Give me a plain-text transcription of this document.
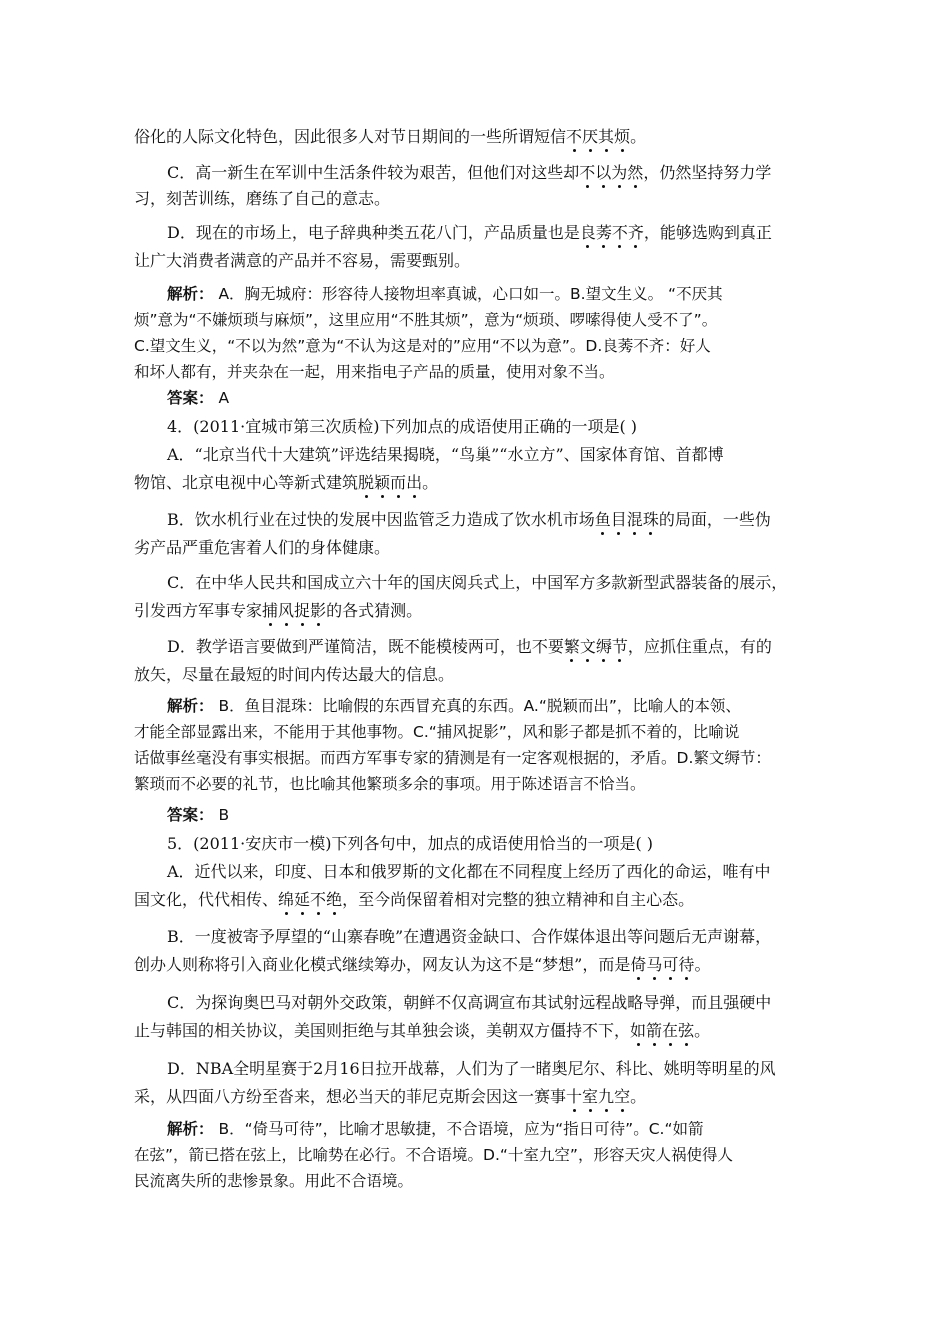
俗化的人际文化特色，因此很多人对节日期间的一些所谓短信不厌其烦。
C．高一新生在军训中生活条件较为艰苦，但他们对这些却不以为然，仍然坚持努力学
习，刻苦训练，磨练了自己的意志。
D．现在的市场上，电子辞典种类五花八门，产品质量也是良莠不齐，能够选购到真正
让广大消费者满意的产品并不容易，需要甄别。
解析： A．胸无城府：形容待人接物坦率真诚，心口如一。B.望文生义。 “不厌其
烦”意为“不嫌烦琐与麻烦”，这里应用“不胜其烦”，意为“烦琐、啰嗦得使人受不了”。
C.望文生义，“不以为然”意为“不认为这是对的”应用“不以为意”。D.良莠不齐：好人
和坏人都有，并夹杂在一起，用来指电子产品的质量，使用对象不当。
答案： A
4．(2011·宜城市第三次质检)下列加点的成语使用正确的一项是( )
A．“北京当代十大建筑”评选结果揭晓，“鸟巢”“水立方”、国家体育馆、首都博
物馆、北京电视中心等新式建筑脱颖而出。
B．饮水机行业在过快的发展中因监管乏力造成了饮水机市场鱼目混珠的局面，一些伪
劣产品严重危害着人们的身体健康。
C．在中华人民共和国成立六十年的国庆阅兵式上，中国军方多款新型武器装备的展示，
引发西方军事专家捕风捉影的各式猜测。
D．教学语言要做到严谨简洁，既不能模棱两可，也不要繁文缛节，应抓住重点，有的
放矢，尽量在最短的时间内传达最大的信息。
解析： B．鱼目混珠：比喻假的东西冒充真的东西。A.“脱颖而出”，比喻人的本领、
才能全部显露出来，不能用于其他事物。C.“捕风捉影”，风和影子都是抓不着的，比喻说
话做事丝毫没有事实根据。而西方军事专家的猜测是有一定客观根据的，矛盾。D.繁文缛节：
繁琐而不必要的礼节，也比喻其他繁琐多余的事项。用于陈述语言不恰当。
答案： B
5．(2011·安庆市一模)下列各句中，加点的成语使用恰当的一项是( )
A．近代以来，印度、日本和俄罗斯的文化都在不同程度上经历了西化的命运，唯有中
国文化，代代相传、绵延不绝，至今尚保留着相对完整的独立精神和自主心态。
B．一度被寄予厚望的“山寨春晚”在遭遇资金缺口、合作媒体退出等问题后无声谢幕，
创办人则称将引入商业化模式继续筹办，网友认为这不是“梦想”，而是倚马可待。
C．为探询奥巴马对朝外交政策，朝鲜不仅高调宣布其试射远程战略导弹，而且强硬中
止与韩国的相关协议，美国则拒绝与其单独会谈，美朝双方僵持不下，如箭在弦。
D．NBA全明星赛于2月16日拉开战幕，人们为了一睹奥尼尔、科比、姚明等明星的风
采，从四面八方纷至沓来，想必当天的菲尼克斯会因这一赛事十室九空。
解析： B．“倚马可待”，比喻才思敏捷，不合语境，应为“指日可待”。C.“如箭
在弦”，箭已搭在弦上，比喻势在必行。不合语境。D.“十室九空”，形容天灾人祸使得人
民流离失所的悲惨景象。用此不合语境。
